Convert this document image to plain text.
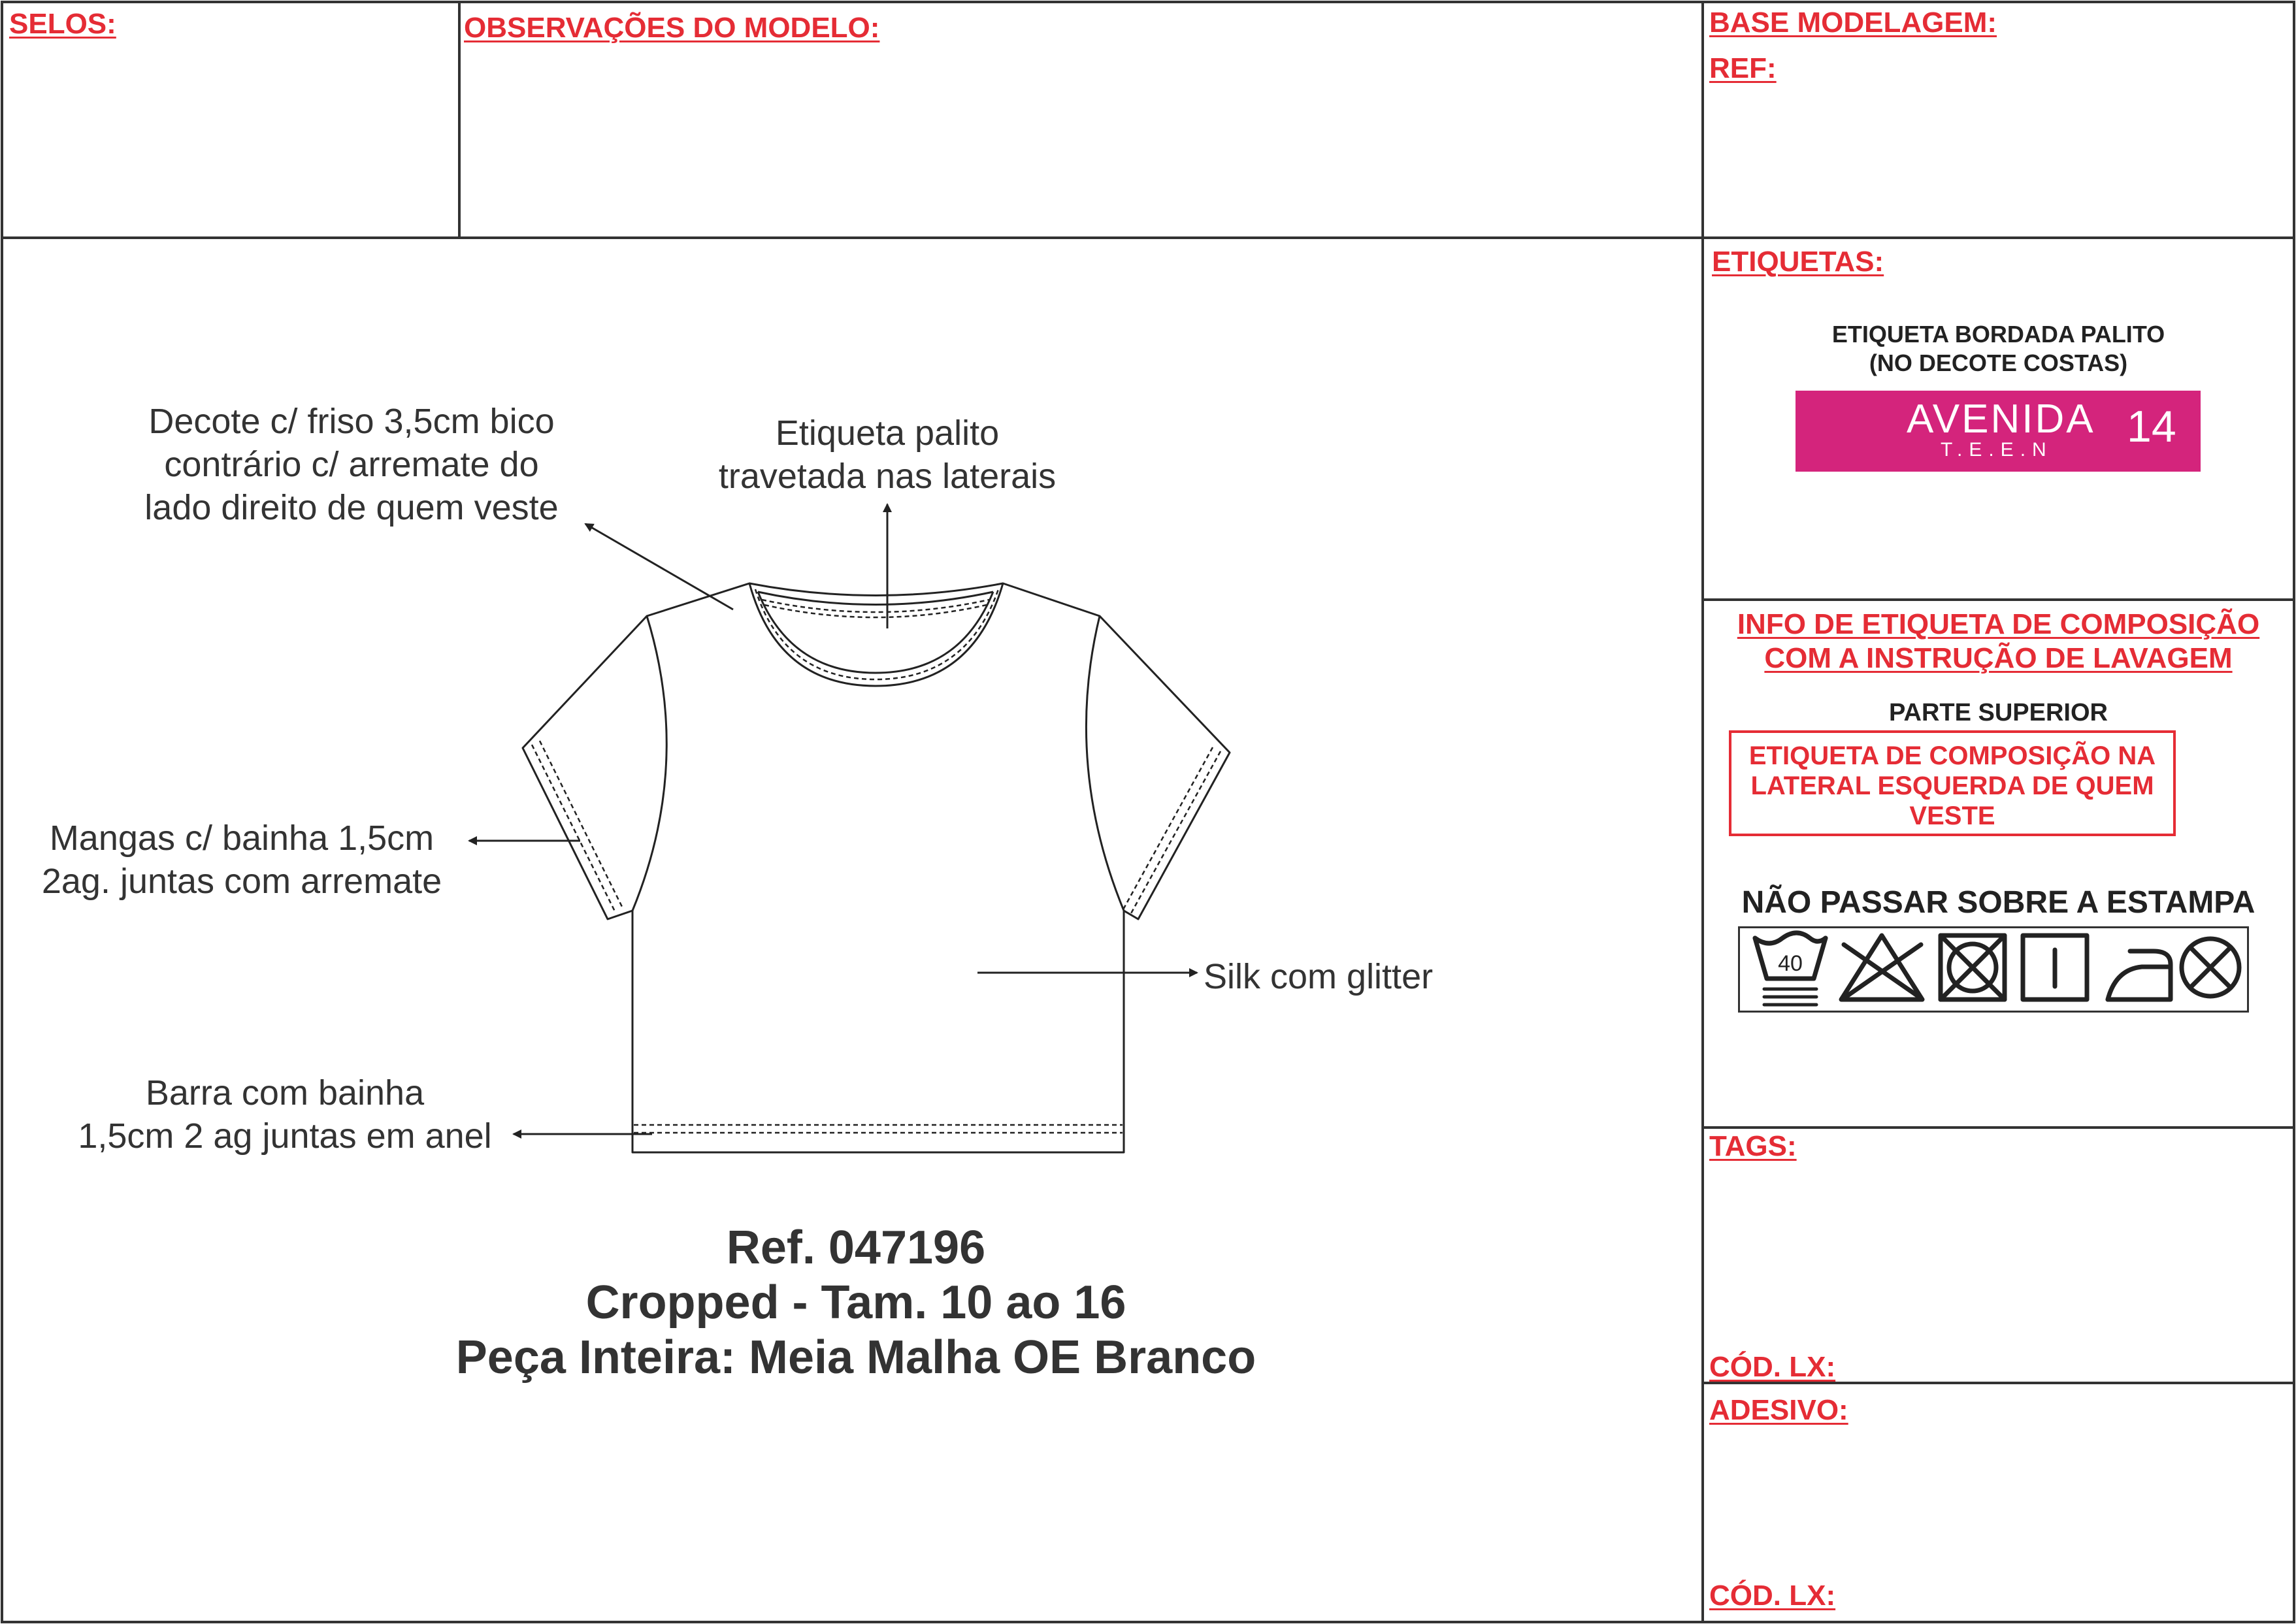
SELOS:	OBSERVAÇÕES DO MODELO:	BASE MODELAGEM:
REF:
ETIQUETAS:
ETIQUETA BORDADA PALITO
(NO DECOTE COSTAS)
AVENIDA
T.E.E.N 14
INFO DE ETIQUETA DE COMPOSIÇÃO
COM A INSTRUÇÃO DE LAVAGEM
PARTE SUPERIOR
ETIQUETA DE COMPOSIÇÃO NA
LATERAL ESQUERDA DE QUEM
VESTE
NÃO PASSAR SOBRE A ESTAMPA
40
TAGS:
CÓD. LX:
ADESIVO:
CÓD. LX:
Decote c/ friso 3,5cm bico
contrário c/ arremate do
lado direito de quem veste
Etiqueta palito
travetada nas laterais
Mangas c/ bainha 1,5cm
2ag. juntas com arremate
Silk com glitter
Barra com bainha
1,5cm 2 ag juntas em anel
Ref. 047196
Cropped - Tam. 10 ao 16
Peça Inteira: Meia Malha OE Branco
